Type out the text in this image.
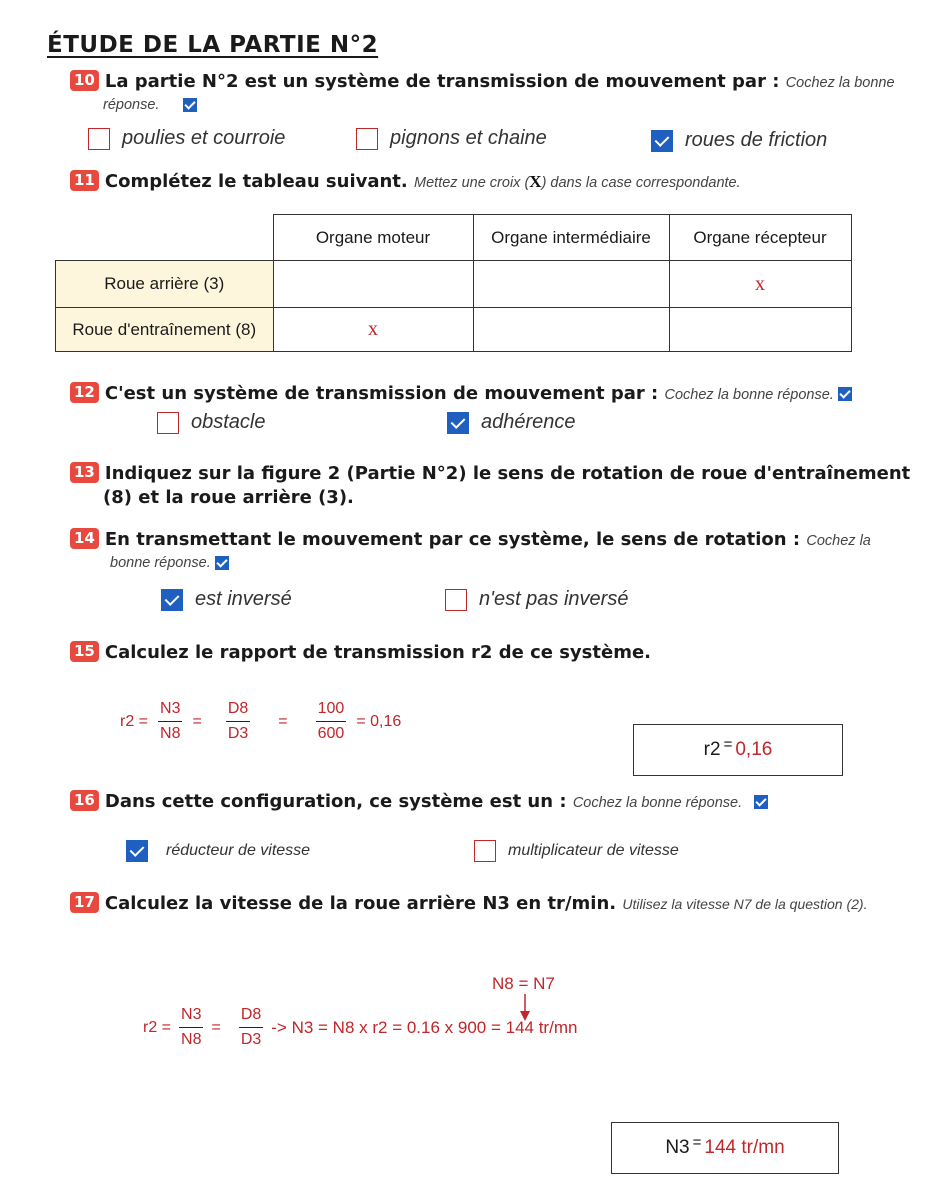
ÉTUDE DE LA PARTIE N°2
10 La partie N°2 est un système de transmission de mouvement par : Cochez la bonne
réponse.
poulies et courroie	pignons et chaine	roues de friction
11 Complétez le tableau suivant. Mettez une croix (X) dans la case correspondante.
	Organe moteur	Organe intermédiaire	Organe récepteur
Roue arrière (3)			x
Roue d'entraînement (8)	x		
12 C'est un système de transmission de mouvement par : Cochez la bonne réponse.
obstacle	adhérence
13 Indiquez sur la figure 2 (Partie N°2) le sens de rotation de roue d'entraînement
(8) et la roue arrière (3).
14 En transmettant le mouvement par ce système, le sens de rotation : Cochez la
bonne réponse.
est inversé	n'est pas inversé
15 Calculez le rapport de transmission r2 de ce système.
$r2 = \frac{N3}{N8} = \frac{D8}{D3} = \frac{100}{600} = 0,16$
r2 = 0,16
16 Dans cette configuration, ce système est un : Cochez la bonne réponse.
réducteur de vitesse	multiplicateur de vitesse
17 Calculez la vitesse de la roue arrière N3 en tr/min. Utilisez la vitesse N7 de la question (2).
N8 = N7
$r2 = \frac{N3}{N8} = \frac{D8}{D3} -> N3 = N8$ x r2 = 0.16 x 900 = 144 tr/mn
N3 = 144 tr/mn
